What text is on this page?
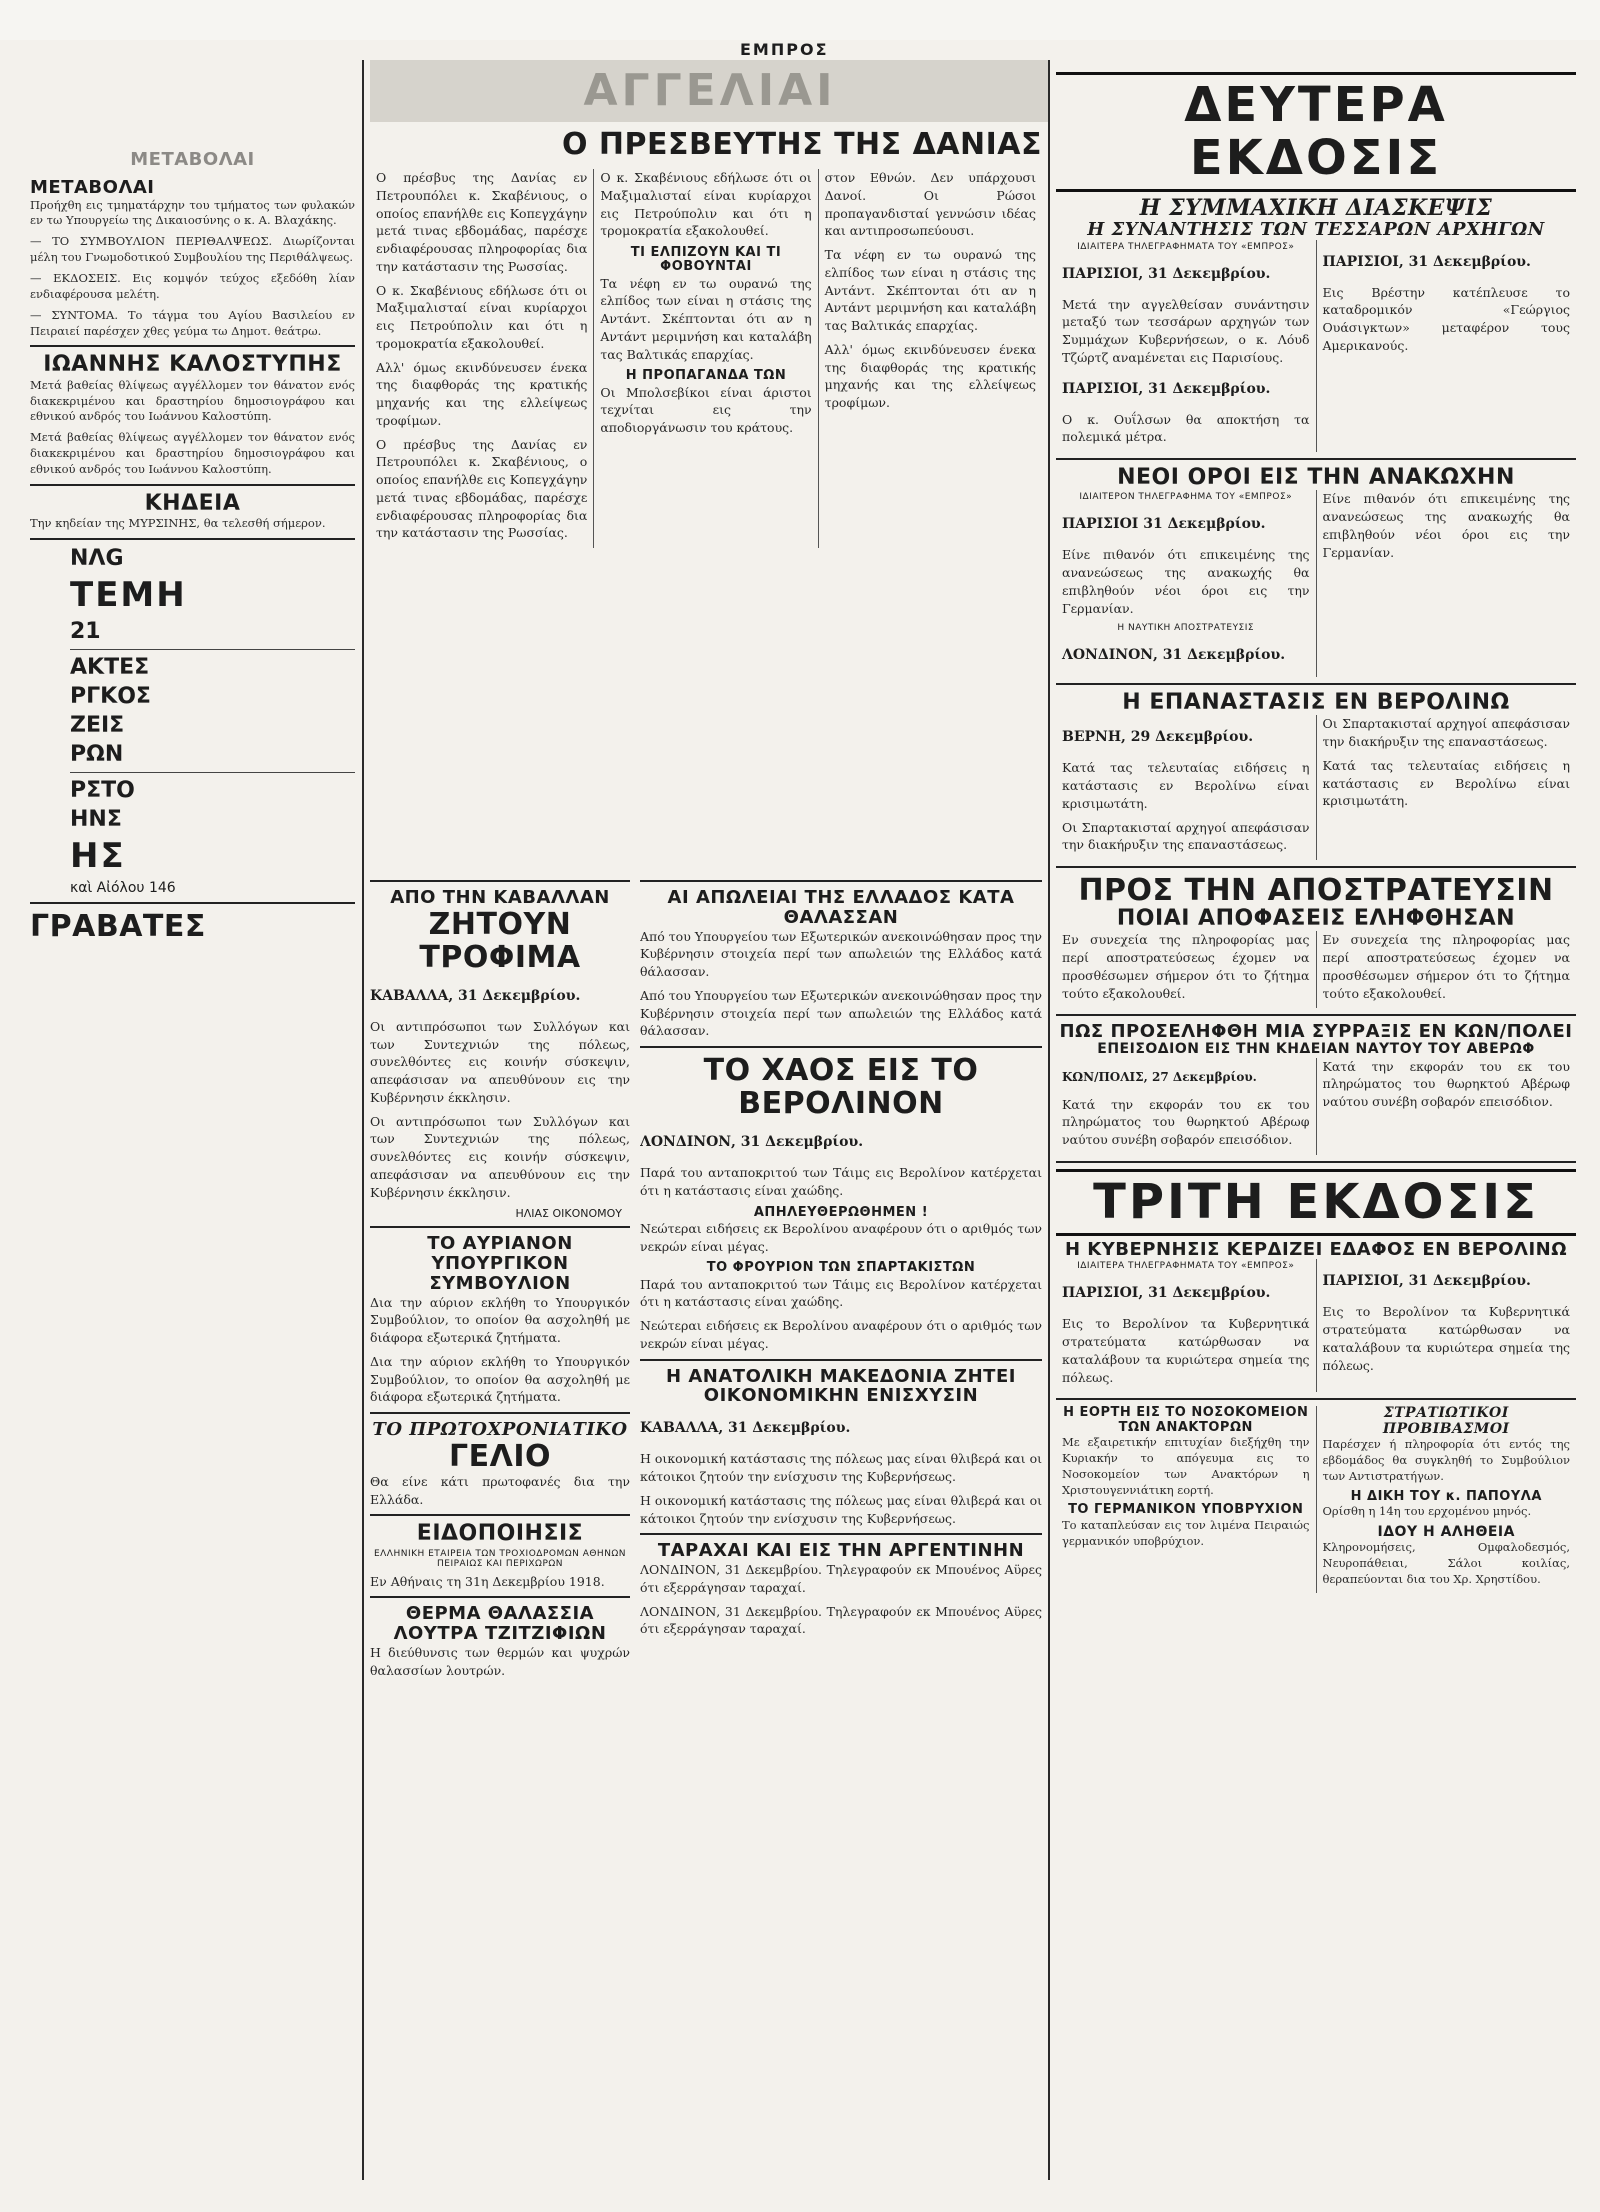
ΕΜΠΡΟΣ
ΑΓΓΕΛΙΑΙ

ΜΕΤΑΒΟΛΑΙ

ΜΕΤΑΒΟΛΑΙ

Προήχθη εις τμηματάρχην του τμήματος των φυλακών εν τω Υπουργείω της Δικαιοσύνης ο κ. Α. Βλαχάκης.

— ΤΟ ΣΥΜΒΟΥΛΙΟΝ ΠΕΡΙΘΑΛΨΕΩΣ. Διωρίζονται μέλη του Γνωμοδοτικού Συμβουλίου της Περιθάλψεως.

— ΕΚΔΟΣΕΙΣ. Εις κομψόν τεύχος εξεδόθη λίαν ενδιαφέρουσα μελέτη.

— ΣΥΝΤΟΜΑ. Το τάγμα του Αγίου Βασιλείου εν Πειραιεί παρέσχεν χθες γεύμα τω Δημοτ. θεάτρω.

ΙΩΑΝΝΗΣ ΚΑΛΟΣΤΥΠΗΣ

Μετά βαθείας θλίψεως αγγέλλομεν τον θάνατον ενός διακεκριμένου και δραστηρίου δημοσιογράφου και εθνικού ανδρός του Ιωάννου Καλοστύπη.

Μετά βαθείας θλίψεως αγγέλλομεν τον θάνατον ενός διακεκριμένου και δραστηρίου δημοσιογράφου και εθνικού ανδρός του Ιωάννου Καλοστύπη.

ΚΗΔΕΙΑ

Την κηδείαν της ΜΥΡΣΙΝΗΣ, θα τελεσθή σήμερον.

ΝΛG

ΤΕΜΗ

21

ΑΚΤΕΣ

ΡΓΚΟΣ

ΖΕΙΣ

ΡΩΝ

ΡΣΤΟ

ΗΝΣ

ΗΣ

καὶ Αἰόλου 146

ΓΡΑΒΑΤΕΣ

Ο ΠΡΕΣΒΕΥΤΗΣ ΤΗΣ ΔΑΝΙΑΣ

Ο πρέσβυς της Δανίας εν Πετρουπόλει κ. Σκαβένιους, ο οποίος επανήλθε εις Κοπεγχάγην μετά τινας εβδομάδας, παρέσχε ενδιαφέρουσας πληροφορίας δια την κατάστασιν της Ρωσσίας.

Ο κ. Σκαβένιους εδήλωσε ότι οι Μαξιμαλισταί είναι κυρίαρχοι εις Πετρούπολιν και ότι η τρομοκρατία εξακολουθεί.

Αλλ' όμως εκινδύνευσεν ένεκα της διαφθοράς της κρατικής μηχανής και της ελλείψεως τροφίμων.

Ο πρέσβυς της Δανίας εν Πετρουπόλει κ. Σκαβένιους, ο οποίος επανήλθε εις Κοπεγχάγην μετά τινας εβδομάδας, παρέσχε ενδιαφέρουσας πληροφορίας δια την κατάστασιν της Ρωσσίας.

Ο κ. Σκαβένιους εδήλωσε ότι οι Μαξιμαλισταί είναι κυρίαρχοι εις Πετρούπολιν και ότι η τρομοκρατία εξακολουθεί.

ΤΙ ΕΛΠΙΖΟΥΝ ΚΑΙ ΤΙ ΦΟΒΟΥΝΤΑΙ

Τα νέφη εν τω ουρανώ της ελπίδος των είναι η στάσις της Αντάντ. Σκέπτονται ότι αν η Αντάντ μεριμνήση και καταλάβη τας Βαλτικάς επαρχίας.

Η ΠΡΟΠΑΓΑΝΔΑ ΤΩΝ

Οι Μπολσεβίκοι είναι άριστοι τεχνίται εις την αποδιοργάνωσιν του κράτους.

στον Εθνών. Δεν υπάρχουσι Δανοί. Οι Ρώσοι προπαγανδισταί γεννώσιν ιδέας και αντιπροσωπεύουσι.

Τα νέφη εν τω ουρανώ της ελπίδος των είναι η στάσις της Αντάντ. Σκέπτονται ότι αν η Αντάντ μεριμνήση και καταλάβη τας Βαλτικάς επαρχίας.

Αλλ' όμως εκινδύνευσεν ένεκα της διαφθοράς της κρατικής μηχανής και της ελλείψεως τροφίμων.

ΑΠΟ ΤΗΝ ΚΑΒΑΛΛΑΝ

ΖΗΤΟΥΝ ΤΡΟΦΙΜΑ

ΚΑΒΑΛΛΑ, 31 Δεκεμβρίου.

Οι αντιπρόσωποι των Συλλόγων και των Συντεχνιών της πόλεως, συνελθόντες εις κοινήν σύσκεψιν, απεφάσισαν να απευθύνουν εις την Κυβέρνησιν έκκλησιν.

Οι αντιπρόσωποι των Συλλόγων και των Συντεχνιών της πόλεως, συνελθόντες εις κοινήν σύσκεψιν, απεφάσισαν να απευθύνουν εις την Κυβέρνησιν έκκλησιν.

ΗΛΙΑΣ ΟΙΚΟΝΟΜΟΥ

ΤΟ ΑΥΡΙΑΝΟΝ ΥΠΟΥΡΓΙΚΟΝ ΣΥΜΒΟΥΛΙΟΝ

Δια την αύριον εκλήθη το Υπουργικόν Συμβούλιον, το οποίον θα ασχοληθή με διάφορα εξωτερικά ζητήματα.

Δια την αύριον εκλήθη το Υπουργικόν Συμβούλιον, το οποίον θα ασχοληθή με διάφορα εξωτερικά ζητήματα.

ΤΟ ΠΡΩΤΟΧΡΟΝΙΑΤΙΚΟ

ΓΕΛΙΟ

Θα είνε κάτι πρωτοφανές δια την Ελλάδα.

ΕΙΔΟΠΟΙΗΣΙΣ

ΕΛΛΗΝΙΚΗ ΕΤΑΙΡΕΙΑ ΤΩΝ ΤΡΟΧΙΟΔΡΟΜΩΝ ΑΘΗΝΩΝ ΠΕΙΡΑΙΩΣ ΚΑΙ ΠΕΡΙΧΩΡΩΝ

Εν Αθήναις τη 31η Δεκεμβρίου 1918.

ΘΕΡΜΑ ΘΑΛΑΣΣΙΑ ΛΟΥΤΡΑ ΤΖΙΤΖΙΦΙΩΝ

Η διεύθυνσις των θερμών και ψυχρών θαλασσίων λουτρών.

ΑΙ ΑΠΩΛΕΙΑΙ ΤΗΣ ΕΛΛΑΔΟΣ ΚΑΤΑ ΘΑΛΑΣΣΑΝ

Από του Υπουργείου των Εξωτερικών ανεκοινώθησαν προς την Κυβέρνησιν στοιχεία περί των απωλειών της Ελλάδος κατά θάλασσαν.

Από του Υπουργείου των Εξωτερικών ανεκοινώθησαν προς την Κυβέρνησιν στοιχεία περί των απωλειών της Ελλάδος κατά θάλασσαν.

ΤΟ ΧΑΟΣ ΕΙΣ ΤΟ ΒΕΡΟΛΙΝΟΝ

ΛΟΝΔΙΝΟΝ, 31 Δεκεμβρίου.

Παρά του ανταποκριτού των Τάιμς εις Βερολίνον κατέρχεται ότι η κατάστασις είναι χαώδης.

ΑΠΗΛΕΥΘΕΡΩΘΗΜΕΝ !

Νεώτεραι ειδήσεις εκ Βερολίνου αναφέρουν ότι ο αριθμός των νεκρών είναι μέγας.

ΤΟ ΦΡΟΥΡΙΟΝ ΤΩΝ ΣΠΑΡΤΑΚΙΣΤΩΝ

Παρά του ανταποκριτού των Τάιμς εις Βερολίνον κατέρχεται ότι η κατάστασις είναι χαώδης.

Νεώτεραι ειδήσεις εκ Βερολίνου αναφέρουν ότι ο αριθμός των νεκρών είναι μέγας.

Η ΑΝΑΤΟΛΙΚΗ ΜΑΚΕΔΟΝΙΑ ΖΗΤΕΙ ΟΙΚΟΝΟΜΙΚΗΝ ΕΝΙΣΧΥΣΙΝ

ΚΑΒΑΛΛΑ, 31 Δεκεμβρίου.

Η οικονομική κατάστασις της πόλεως μας είναι θλιβερά και οι κάτοικοι ζητούν την ενίσχυσιν της Κυβερνήσεως.

Η οικονομική κατάστασις της πόλεως μας είναι θλιβερά και οι κάτοικοι ζητούν την ενίσχυσιν της Κυβερνήσεως.

ΤΑΡΑΧΑΙ ΚΑΙ ΕΙΣ ΤΗΝ ΑΡΓΕΝΤΙΝΗΝ

ΛΟΝΔΙΝΟΝ, 31 Δεκεμβρίου. Τηλεγραφούν εκ Μπουένος Αϋρες ότι εξερράγησαν ταραχαί.

ΛΟΝΔΙΝΟΝ, 31 Δεκεμβρίου. Τηλεγραφούν εκ Μπουένος Αϋρες ότι εξερράγησαν ταραχαί.

ΔΕΥΤΕΡΑ ΕΚΔΟΣΙΣ

Η ΣΥΜΜΑΧΙΚΗ ΔΙΑΣΚΕΨΙΣ

Η ΣΥΝΑΝΤΗΣΙΣ ΤΩΝ ΤΕΣΣΑΡΩΝ ΑΡΧΗΓΩΝ

ΙΔΙΑΙΤΕΡΑ ΤΗΛΕΓΡΑΦΗΜΑΤΑ ΤΟΥ «ΕΜΠΡΟΣ»

ΠΑΡΙΣΙΟΙ, 31 Δεκεμβρίου.

Μετά την αγγελθείσαν συνάντησιν μεταξύ των τεσσάρων αρχηγών των Συμμάχων Κυβερνήσεων, ο κ. Λόυδ Τζώρτζ αναμένεται εις Παρισίους.

ΠΑΡΙΣΙΟΙ, 31 Δεκεμβρίου.

Ο κ. Ουΐλσων θα αποκτήση τα πολεμικά μέτρα.

ΠΑΡΙΣΙΟΙ, 31 Δεκεμβρίου.

Εις Βρέστην κατέπλευσε το καταδρομικόν «Γεώργιος Ουάσιγκτων» μεταφέρον τους Αμερικανούς.

ΝΕΟΙ ΟΡΟΙ ΕΙΣ ΤΗΝ ΑΝΑΚΩΧΗΝ

ΙΔΙΑΙΤΕΡΟΝ ΤΗΛΕΓΡΑΦΗΜΑ ΤΟΥ «ΕΜΠΡΟΣ»

ΠΑΡΙΣΙΟΙ 31 Δεκεμβρίου.

Είνε πιθανόν ότι επικειμένης της ανανεώσεως της ανακωχής θα επιβληθούν νέοι όροι εις την Γερμανίαν.

Η ΝΑΥΤΙΚΗ ΑΠΟΣΤΡΑΤΕΥΣΙΣ

ΛΟΝΔΙΝΟΝ, 31 Δεκεμβρίου.

Είνε πιθανόν ότι επικειμένης της ανανεώσεως της ανακωχής θα επιβληθούν νέοι όροι εις την Γερμανίαν.

Η ΕΠΑΝΑΣΤΑΣΙΣ ΕΝ ΒΕΡΟΛΙΝΩ

ΒΕΡΝΗ, 29 Δεκεμβρίου.

Κατά τας τελευταίας ειδήσεις η κατάστασις εν Βερολίνω είναι κρισιμωτάτη.

Οι Σπαρτακισταί αρχηγοί απεφάσισαν την διακήρυξιν της επαναστάσεως.

Οι Σπαρτακισταί αρχηγοί απεφάσισαν την διακήρυξιν της επαναστάσεως.

Κατά τας τελευταίας ειδήσεις η κατάστασις εν Βερολίνω είναι κρισιμωτάτη.

ΠΡΟΣ ΤΗΝ ΑΠΟΣΤΡΑΤΕΥΣΙΝ

ΠΟΙΑΙ ΑΠΟΦΑΣΕΙΣ ΕΛΗΦΘΗΣΑΝ

Εν συνεχεία της πληροφορίας μας περί αποστρατεύσεως έχομεν να προσθέσωμεν σήμερον ότι το ζήτημα τούτο εξακολουθεί.

Εν συνεχεία της πληροφορίας μας περί αποστρατεύσεως έχομεν να προσθέσωμεν σήμερον ότι το ζήτημα τούτο εξακολουθεί.

ΠΩΣ ΠΡΟΣΕΛΗΦΘΗ ΜΙΑ ΣΥΡΡΑΞΙΣ ΕΝ ΚΩΝ/ΠΟΛΕΙ

ΕΠΕΙΣΟΔΙΟΝ ΕΙΣ ΤΗΝ ΚΗΔΕΙΑΝ ΝΑΥΤΟΥ ΤΟΥ ΑΒΕΡΩΦ

ΚΩΝ/ΠΟΛΙΣ, 27 Δεκεμβρίου.

Κατά την εκφοράν του εκ του πληρώματος του θωρηκτού Αβέρωφ ναύτου συνέβη σοβαρόν επεισόδιον.

Κατά την εκφοράν του εκ του πληρώματος του θωρηκτού Αβέρωφ ναύτου συνέβη σοβαρόν επεισόδιον.

ΤΡΙΤΗ ΕΚΔΟΣΙΣ

Η ΚΥΒΕΡΝΗΣΙΣ ΚΕΡΔΙΖΕΙ ΕΔΑΦΟΣ ΕΝ ΒΕΡΟΛΙΝΩ

ΙΔΙΑΙΤΕΡΑ ΤΗΛΕΓΡΑΦΗΜΑΤΑ ΤΟΥ «ΕΜΠΡΟΣ»

ΠΑΡΙΣΙΟΙ, 31 Δεκεμβρίου.

Εις το Βερολίνον τα Κυβερνητικά στρατεύματα κατώρθωσαν να καταλάβουν τα κυριώτερα σημεία της πόλεως.

ΠΑΡΙΣΙΟΙ, 31 Δεκεμβρίου.

Εις το Βερολίνον τα Κυβερνητικά στρατεύματα κατώρθωσαν να καταλάβουν τα κυριώτερα σημεία της πόλεως.

Η ΕΟΡΤΗ ΕΙΣ ΤΟ ΝΟΣΟΚΟΜΕΙΟΝ ΤΩΝ ΑΝΑΚΤΟΡΩΝ

Με εξαιρετικήν επιτυχίαν διεξήχθη την Κυριακήν το απόγευμα εις το Νοσοκομείον των Ανακτόρων η Χριστουγεννιάτικη εορτή.

ΤΟ ΓΕΡΜΑΝΙΚΟΝ ΥΠΟΒΡΥΧΙΟΝ

Το καταπλεύσαν εις τον λιμένα Πειραιώς γερμανικόν υποβρύχιον.

ΣΤΡΑΤΙΩΤΙΚΟΙ ΠΡΟΒΙΒΑΣΜΟΙ

Παρέσχεν ή πληροφορία ότι εντός της εβδομάδος θα συγκληθή το Συμβούλιον των Αντιστρατήγων.

Η ΔΙΚΗ ΤΟΥ κ. ΠΑΠΟΥΛΑ

Ορίσθη η 14η του ερχομένου μηνός.

ΙΔΟΥ Η ΑΛΗΘΕΙΑ

Κληρονομήσεις, Ομφαλοδεσμός, Νευροπάθειαι, Σάλοι κοιλίας, θεραπεύονται δια του Χρ. Χρηστίδου.
